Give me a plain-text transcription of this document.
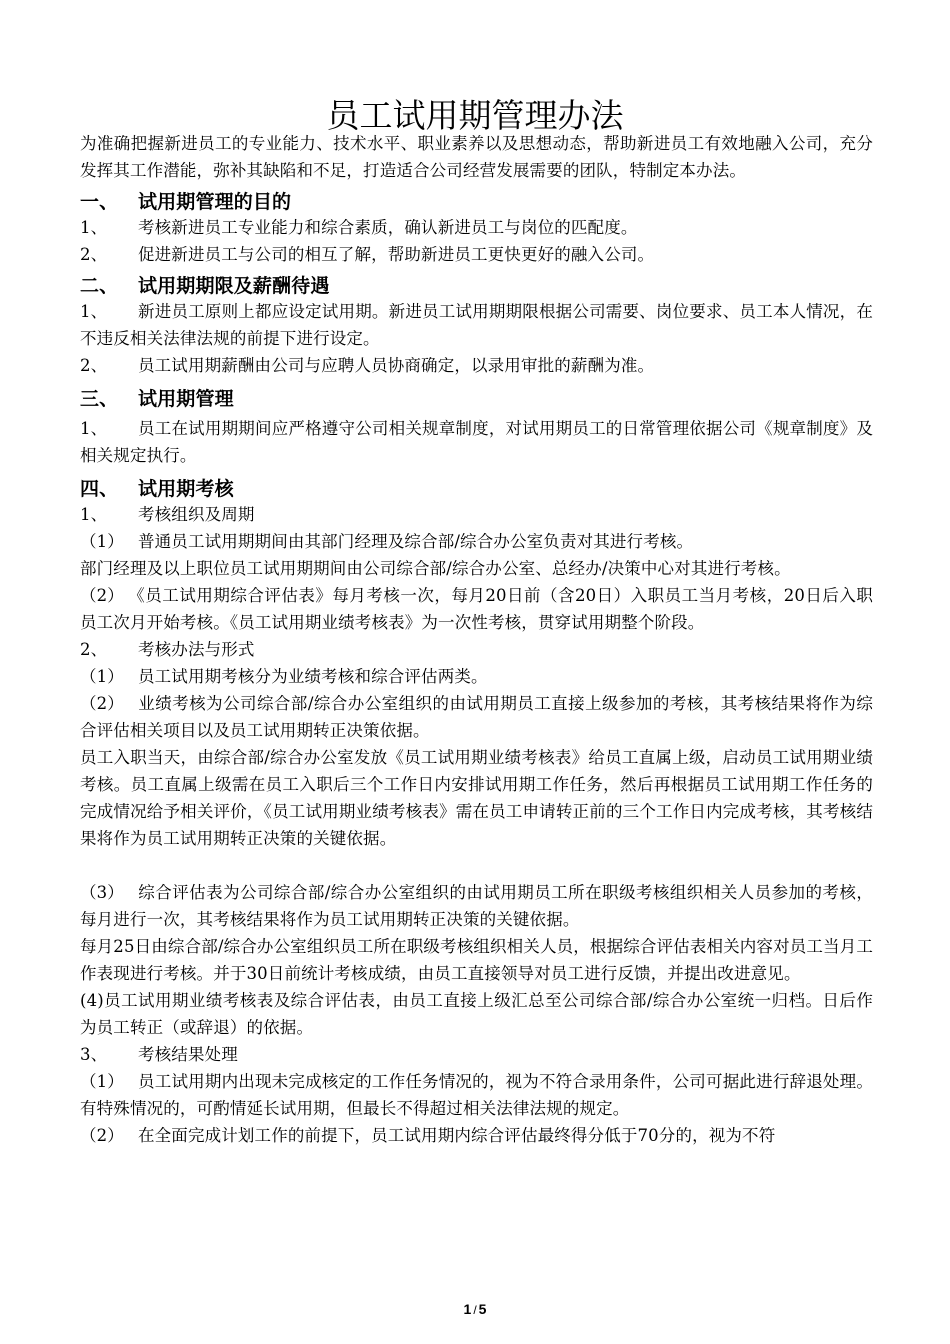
员工试用期管理办法

为准确把握新进员工的专业能力、技术水平、职业素养以及思想动态，帮助新进员工有效地融入公司，充分发挥其工作潜能，弥补其缺陷和不足，打造适合公司经营发展需要的团队，特制定本办法。

一、 试用期管理的目的

1、 考核新进员工专业能力和综合素质，确认新进员工与岗位的匹配度。

2、 促进新进员工与公司的相互了解，帮助新进员工更快更好的融入公司。

二、 试用期期限及薪酬待遇

1、 新进员工原则上都应设定试用期。新进员工试用期期限根据公司需要、岗位要求、员工本人情况，在不违反相关法律法规的前提下进行设定。

2、 员工试用期薪酬由公司与应聘人员协商确定，以录用审批的薪酬为准。

三、 试用期管理

1、 员工在试用期期间应严格遵守公司相关规章制度，对试用期员工的日常管理依据公司《规章制度》及相关规定执行。

四、 试用期考核

1、 考核组织及周期

（1） 普通员工试用期期间由其部门经理及综合部/综合办公室负责对其进行考核。

部门经理及以上职位员工试用期期间由公司综合部/综合办公室、总经办/决策中心对其进行考核。

（2） 《员工试用期综合评估表》每月考核一次，每月20日前（含20日）入职员工当月考核，20日后入职员工次月开始考核。《员工试用期业绩考核表》为一次性考核，贯穿试用期整个阶段。

2、 考核办法与形式

（1） 员工试用期考核分为业绩考核和综合评估两类。

（2） 业绩考核为公司综合部/综合办公室组织的由试用期员工直接上级参加的考核，其考核结果将作为综合评估相关项目以及员工试用期转正决策依据。

员工入职当天，由综合部/综合办公室发放《员工试用期业绩考核表》给员工直属上级，启动员工试用期业绩考核。员工直属上级需在员工入职后三个工作日内安排试用期工作任务，然后再根据员工试用期工作任务的完成情况给予相关评价，《员工试用期业绩考核表》需在员工申请转正前的三个工作日内完成考核，其考核结果将作为员工试用期转正决策的关键依据。

（3） 综合评估表为公司综合部/综合办公室组织的由试用期员工所在职级考核组织相关人员参加的考核，每月进行一次，其考核结果将作为员工试用期转正决策的关键依据。

每月25日由综合部/综合办公室组织员工所在职级考核组织相关人员，根据综合评估表相关内容对员工当月工作表现进行考核。并于30日前统计考核成绩，由员工直接领导对员工进行反馈，并提出改进意见。

(4)员工试用期业绩考核表及综合评估表，由员工直接上级汇总至公司综合部/综合办公室统一归档。日后作为员工转正（或辞退）的依据。

3、 考核结果处理

（1） 员工试用期内出现未完成核定的工作任务情况的，视为不符合录用条件，公司可据此进行辞退处理。有特殊情况的，可酌情延长试用期，但最长不得超过相关法律法规的规定。

（2） 在全面完成计划工作的前提下，员工试用期内综合评估最终得分低于70分的，视为不符

1 / 5
